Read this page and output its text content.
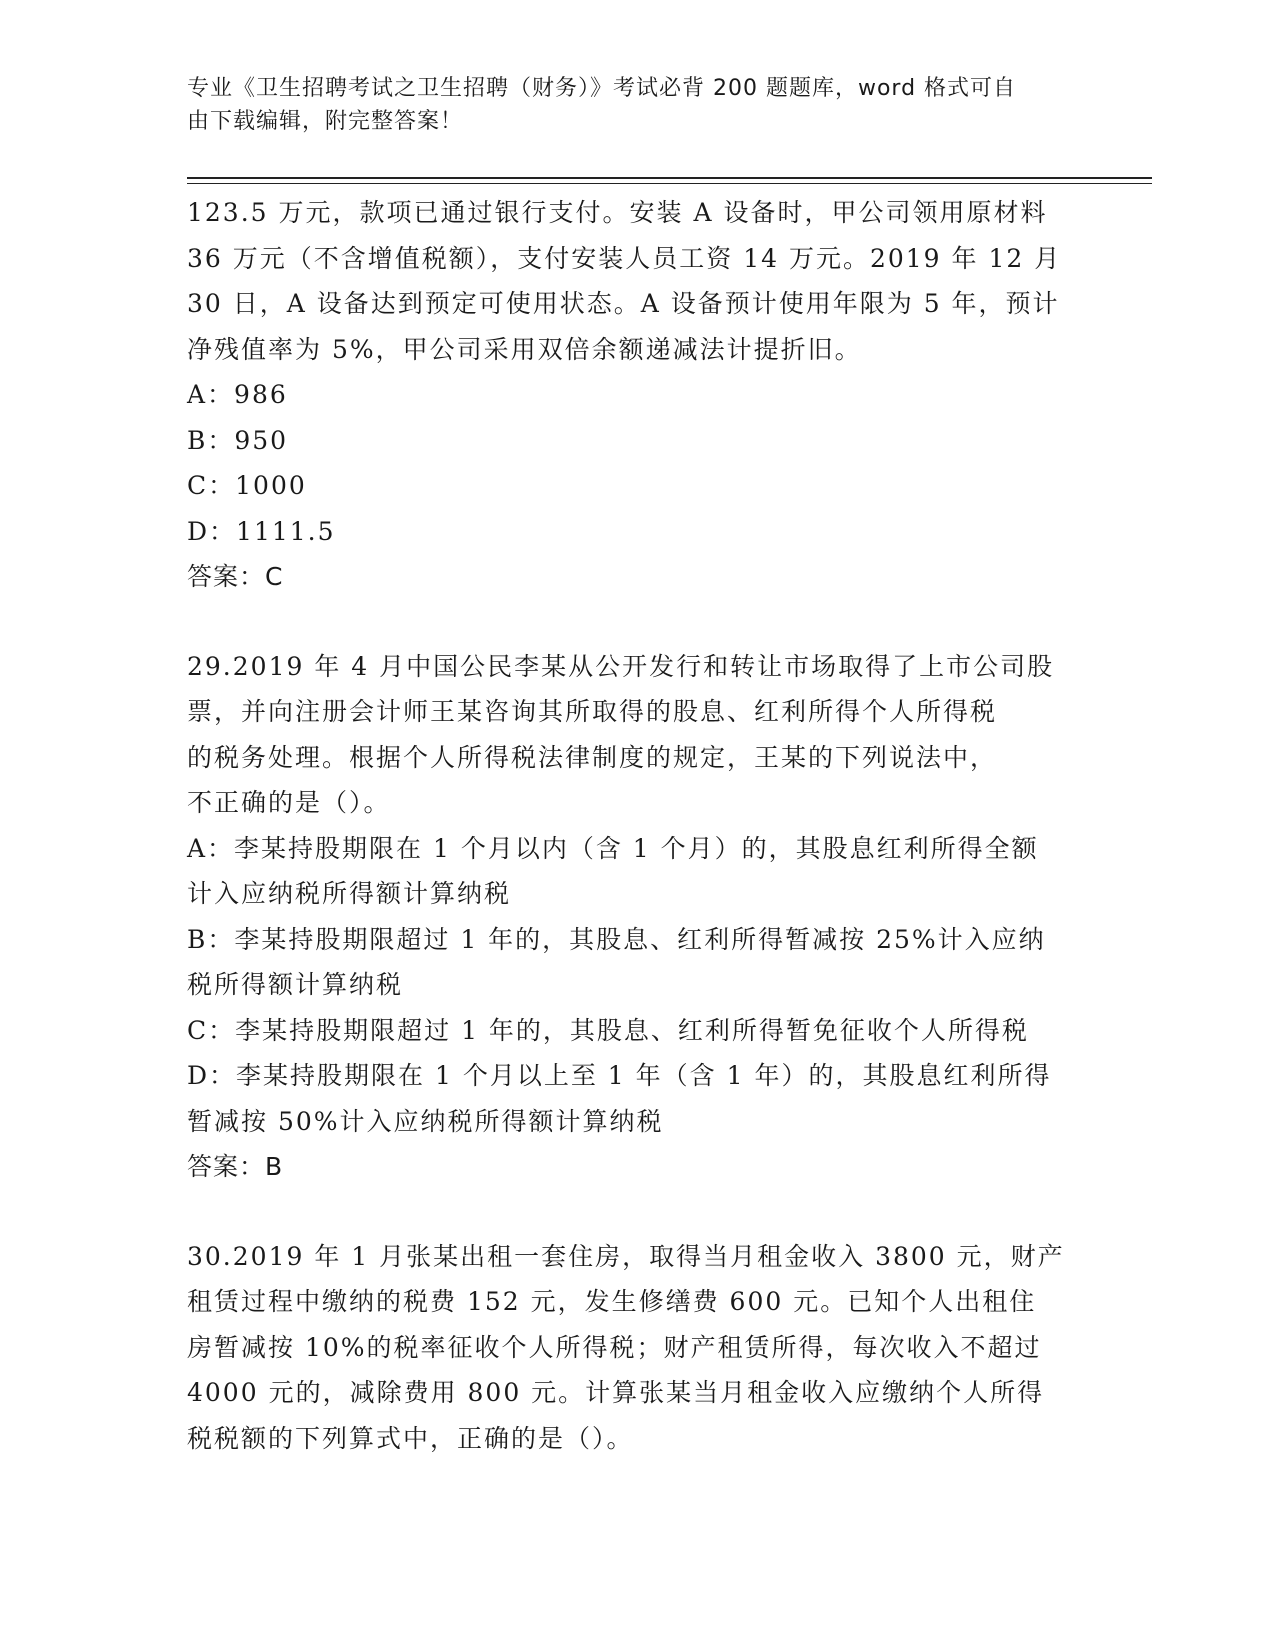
专业《卫生招聘考试之卫生招聘（财务）》考试必背 200 题题库，word 格式可自
由下载编辑，附完整答案！
123.5 万元，款项已通过银行支付。安装 A 设备时，甲公司领用原材料
36 万元（不含增值税额），支付安装人员工资 14 万元。2019 年 12 月
30 日，A 设备达到预定可使用状态。A 设备预计使用年限为 5 年，预计
净残值率为 5%，甲公司采用双倍余额递减法计提折旧。
A：986
B：950
C：1000
D：1111.5
答案：C
29.2019 年 4 月中国公民李某从公开发行和转让市场取得了上市公司股
票，并向注册会计师王某咨询其所取得的股息、红利所得个人所得税
的税务处理。根据个人所得税法律制度的规定，王某的下列说法中，
不正确的是（）。
A：李某持股期限在 1 个月以内（含 1 个月）的，其股息红利所得全额
计入应纳税所得额计算纳税
B：李某持股期限超过 1 年的，其股息、红利所得暂减按 25%计入应纳
税所得额计算纳税
C：李某持股期限超过 1 年的，其股息、红利所得暂免征收个人所得税
D：李某持股期限在 1 个月以上至 1 年（含 1 年）的，其股息红利所得
暂减按 50%计入应纳税所得额计算纳税
答案：B
30.2019 年 1 月张某出租一套住房，取得当月租金收入 3800 元，财产
租赁过程中缴纳的税费 152 元，发生修缮费 600 元。已知个人出租住
房暂减按 10%的税率征收个人所得税；财产租赁所得，每次收入不超过
4000 元的，减除费用 800 元。计算张某当月租金收入应缴纳个人所得
税税额的下列算式中，正确的是（）。
